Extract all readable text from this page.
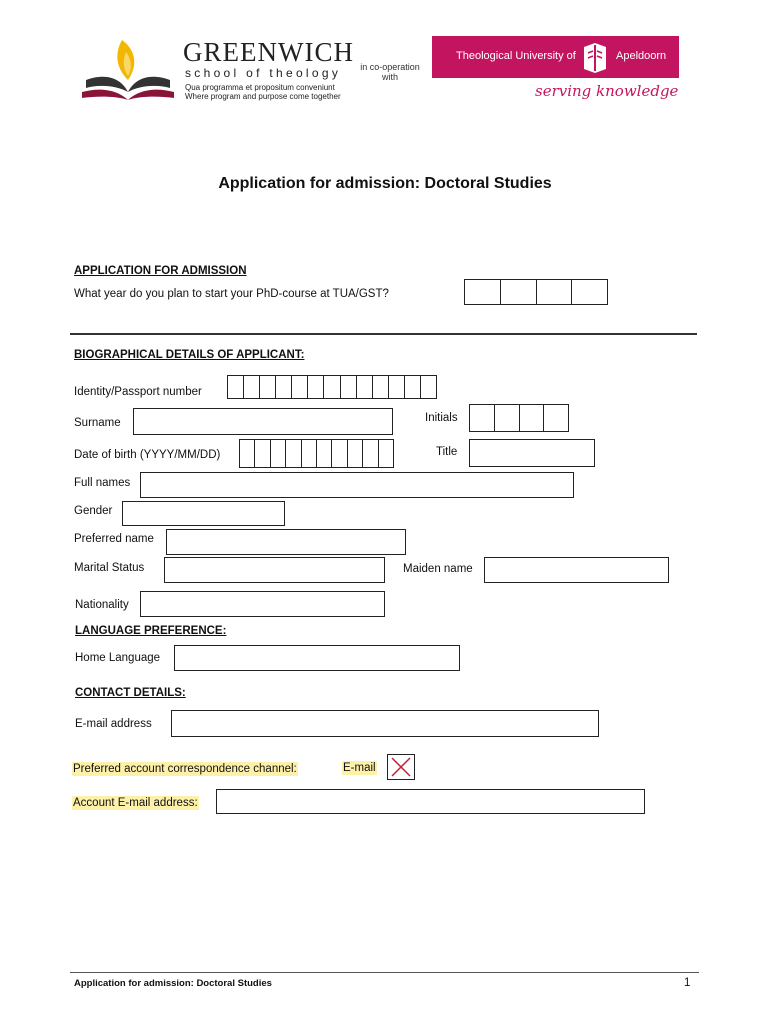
GREENWICH
school of theology
Qua programma et propositum conveniunt
Where program and purpose come together
in co-operation
with
Theological University of	Apeldoorn
serving knowledge
Application for admission: Doctoral Studies
APPLICATION FOR ADMISSION
What year do you plan to start your PhD-course at TUA/GST?
BIOGRAPHICAL DETAILS OF APPLICANT:
Identity/Passport number
Surname	Initials
Date of birth (YYYY/MM/DD)	Title
Full names
Gender
Preferred name
Marital Status	Maiden name
Nationality
LANGUAGE PREFERENCE:
Home Language
CONTACT DETAILS:
E-mail address
Preferred account correspondence channel:	E-mail
Account E-mail address:
Application for admission: Doctoral Studies	1
